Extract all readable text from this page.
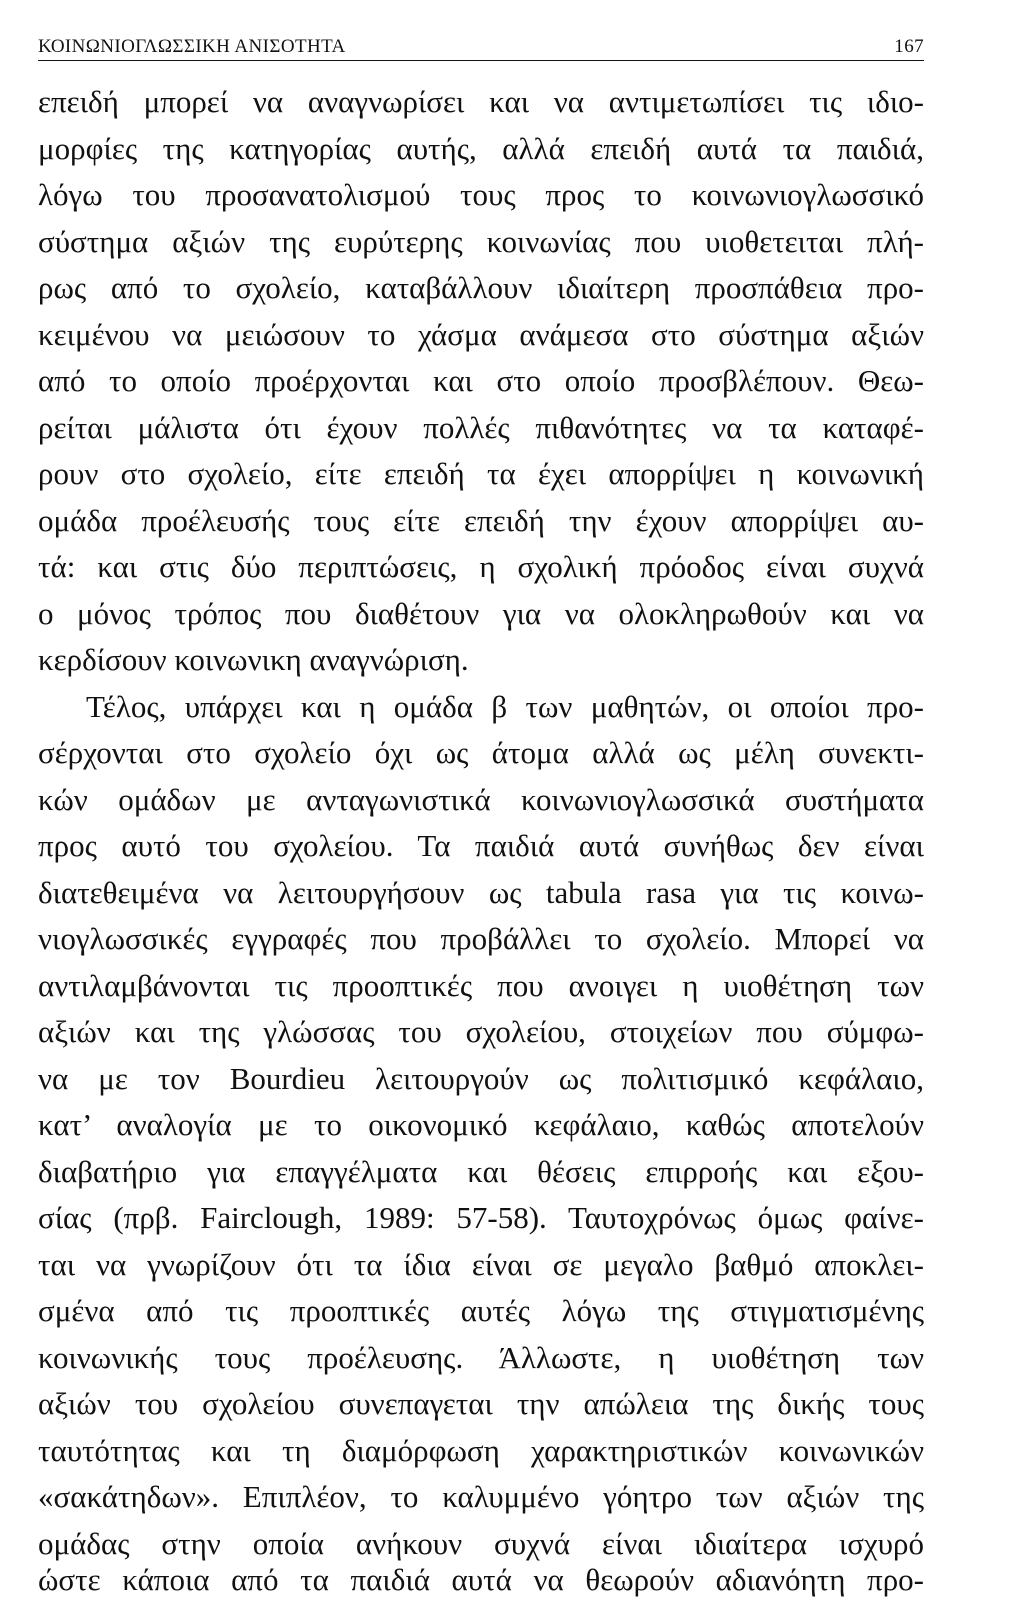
ΚΟΙΝΩΝΙΟΓΛΩΣΣΙΚΗ ΑΝΙΣΟΤΗΤΑ	167
επειδή μπορεί να αναγνωρίσει και να αντιμετωπίσει τις ιδιο-
μορφίες της κατηγορίας αυτής, αλλά επειδή αυτά τα παιδιά,
λόγω του προσανατολισμού τους προς το κοινωνιογλωσσικό
σύστημα αξιών της ευρύτερης κοινωνίας που υιοθετειται πλή-
ρως από το σχολείο, καταβάλλουν ιδιαίτερη προσπάθεια προ-
κειμένου να μειώσουν το χάσμα ανάμεσα στο σύστημα αξιών
από το οποίο προέρχονται και στο οποίο προσβλέπουν. Θεω-
ρείται μάλιστα ότι έχουν πολλές πιθανότητες να τα καταφέ-
ρουν στο σχολείο, είτε επειδή τα έχει απορρίψει η κοινωνική
ομάδα προέλευσής τους είτε επειδή την έχουν απορρίψει αυ-
τά: και στις δύο περιπτώσεις, η σχολική πρόοδος είναι συχνά
ο μόνος τρόπος που διαθέτουν για να ολοκληρωθούν και να
κερδίσουν κοινωνικη αναγνώριση.
Τέλος, υπάρχει και η ομάδα β των μαθητών, οι οποίοι προ-
σέρχονται στο σχολείο όχι ως άτομα αλλά ως μέλη συνεκτι-
κών ομάδων με ανταγωνιστικά κοινωνιογλωσσικά συστήματα
προς αυτό του σχολείου. Τα παιδιά αυτά συνήθως δεν είναι
διατεθειμένα να λειτουργήσουν ως tabula rasa για τις κοινω-
νιογλωσσικές εγγραφές που προβάλλει το σχολείο. Μπορεί να
αντιλαμβάνονται τις προοπτικές που ανοιγει η υιοθέτηση των
αξιών και της γλώσσας του σχολείου, στοιχείων που σύμφω-
να με τον Bourdieu λειτουργούν ως πολιτισμικό κεφάλαιο,
κατ’ αναλογία με το οικονομικό κεφάλαιο, καθώς αποτελούν
διαβατήριο για επαγγέλματα και θέσεις επιρροής και εξου-
σίας (πρβ. Fairclough, 1989: 57-58). Ταυτοχρόνως όμως φαίνε-
ται να γνωρίζουν ότι τα ίδια είναι σε μεγαλο βαθμό αποκλει-
σμένα από τις προοπτικές αυτές λόγω της στιγματισμένης
κοινωνικής τους προέλευσης. Άλλωστε, η υιοθέτηση των
αξιών του σχολείου συνεπαγεται την απώλεια της δικής τους
ταυτότητας και τη διαμόρφωση χαρακτηριστικών κοινωνικών
«σακάτηδων». Επιπλέον, το καλυμμένο γόητρο των αξιών της
ομάδας στην οποία ανήκουν συχνά είναι ιδιαίτερα ισχυρό
ώστε κάποια από τα παιδιά αυτά να θεωρούν αδιανόητη προ-
